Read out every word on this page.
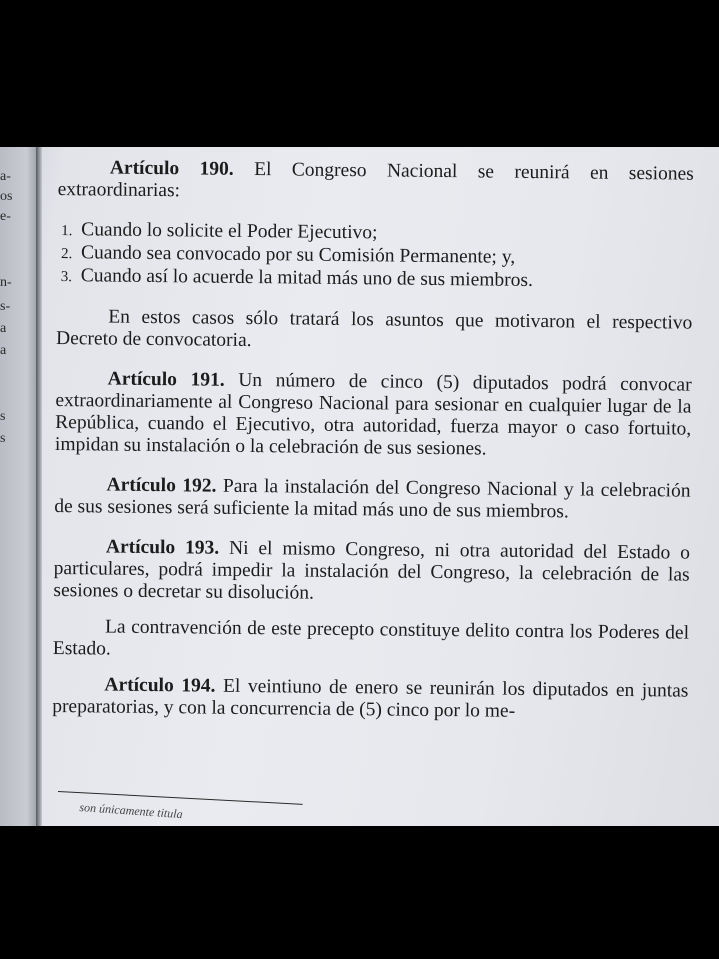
a-
os
e-
n-
s-
a
a
s
s

Artículo 190. El Congreso Nacional se reunirá en sesiones extraordinarias:

1. Cuando lo solicite el Poder Ejecutivo;
2. Cuando sea convocado por su Comisión Permanente; y,
3. Cuando así lo acuerde la mitad más uno de sus miembros.

En estos casos sólo tratará los asuntos que motivaron el respectivo Decreto de convocatoria.

Artículo 191. Un número de cinco (5) diputados podrá convocar extraordinariamente al Congreso Nacional para sesionar en cualquier lugar de la República, cuando el Ejecutivo, otra autoridad, fuerza mayor o caso fortuito, impidan su instalación o la celebración de sus sesiones.

Artículo 192. Para la instalación del Congreso Nacional y la celebración de sus sesiones será suficiente la mitad más uno de sus miembros.

Artículo 193. Ni el mismo Congreso, ni otra autoridad del Estado o particulares, podrá impedir la instalación del Congreso, la celebración de las sesiones o decretar su disolución.

La contravención de este precepto constituye delito contra los Poderes del Estado.

Artículo 194. El veintiuno de enero se reunirán los diputados en juntas preparatorias, y con la concurrencia de (5) cinco por lo me-

son únicamente titula
